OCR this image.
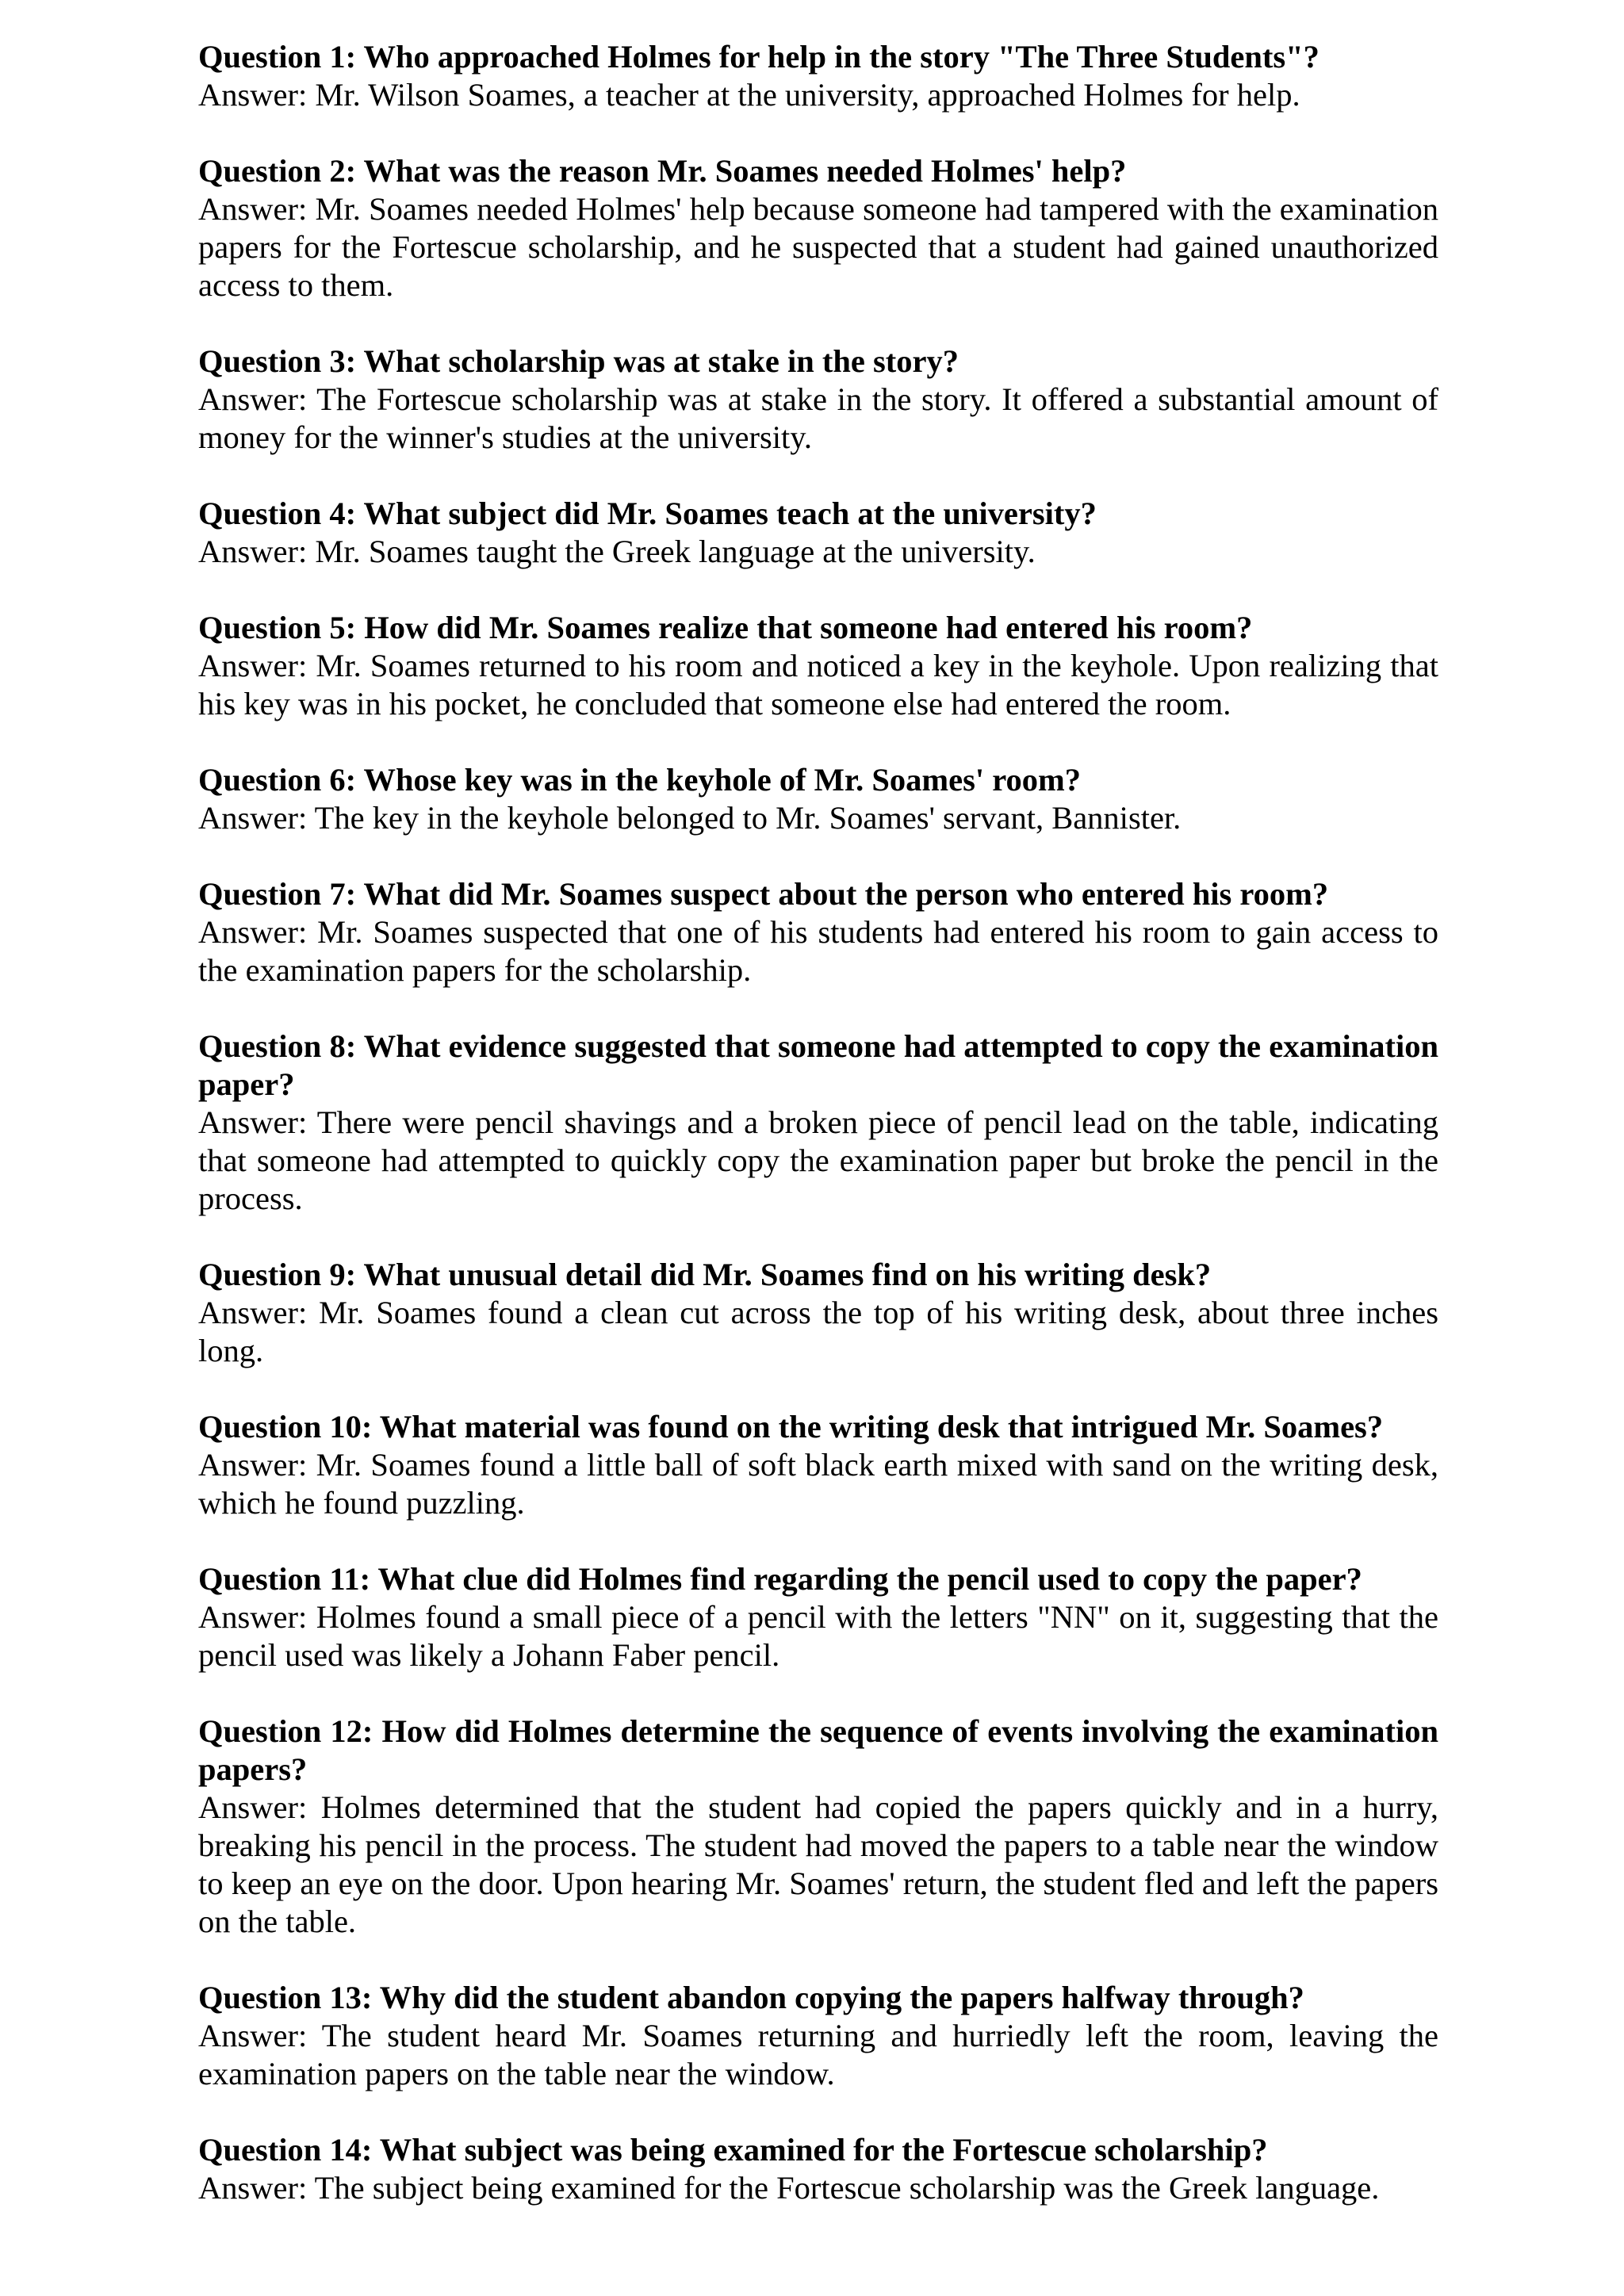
Question 1: Who approached Holmes for help in the story "The Three Students"?

Answer: Mr. Wilson Soames, a teacher at the university, approached Holmes for help.

Question 2: What was the reason Mr. Soames needed Holmes' help?

Answer: Mr. Soames needed Holmes' help because someone had tampered with the examination papers for the Fortescue scholarship, and he suspected that a student had gained unauthorized access to them.

Question 3: What scholarship was at stake in the story?

Answer: The Fortescue scholarship was at stake in the story. It offered a substantial amount of money for the winner's studies at the university.

Question 4: What subject did Mr. Soames teach at the university?

Answer: Mr. Soames taught the Greek language at the university.

Question 5: How did Mr. Soames realize that someone had entered his room?

Answer: Mr. Soames returned to his room and noticed a key in the keyhole. Upon realizing that his key was in his pocket, he concluded that someone else had entered the room.

Question 6: Whose key was in the keyhole of Mr. Soames' room?

Answer: The key in the keyhole belonged to Mr. Soames' servant, Bannister.

Question 7: What did Mr. Soames suspect about the person who entered his room?

Answer: Mr. Soames suspected that one of his students had entered his room to gain access to the examination papers for the scholarship.

Question 8: What evidence suggested that someone had attempted to copy the examination paper?

Answer: There were pencil shavings and a broken piece of pencil lead on the table, indicating that someone had attempted to quickly copy the examination paper but broke the pencil in the process.

Question 9: What unusual detail did Mr. Soames find on his writing desk?

Answer: Mr. Soames found a clean cut across the top of his writing desk, about three inches long.

Question 10: What material was found on the writing desk that intrigued Mr. Soames?

Answer: Mr. Soames found a little ball of soft black earth mixed with sand on the writing desk, which he found puzzling.

Question 11: What clue did Holmes find regarding the pencil used to copy the paper?

Answer: Holmes found a small piece of a pencil with the letters "NN" on it, suggesting that the pencil used was likely a Johann Faber pencil.

Question 12: How did Holmes determine the sequence of events involving the examination papers?

Answer: Holmes determined that the student had copied the papers quickly and in a hurry, breaking his pencil in the process. The student had moved the papers to a table near the window to keep an eye on the door. Upon hearing Mr. Soames' return, the student fled and left the papers on the table.

Question 13: Why did the student abandon copying the papers halfway through?

Answer: The student heard Mr. Soames returning and hurriedly left the room, leaving the examination papers on the table near the window.

Question 14: What subject was being examined for the Fortescue scholarship?

Answer: The subject being examined for the Fortescue scholarship was the Greek language.
